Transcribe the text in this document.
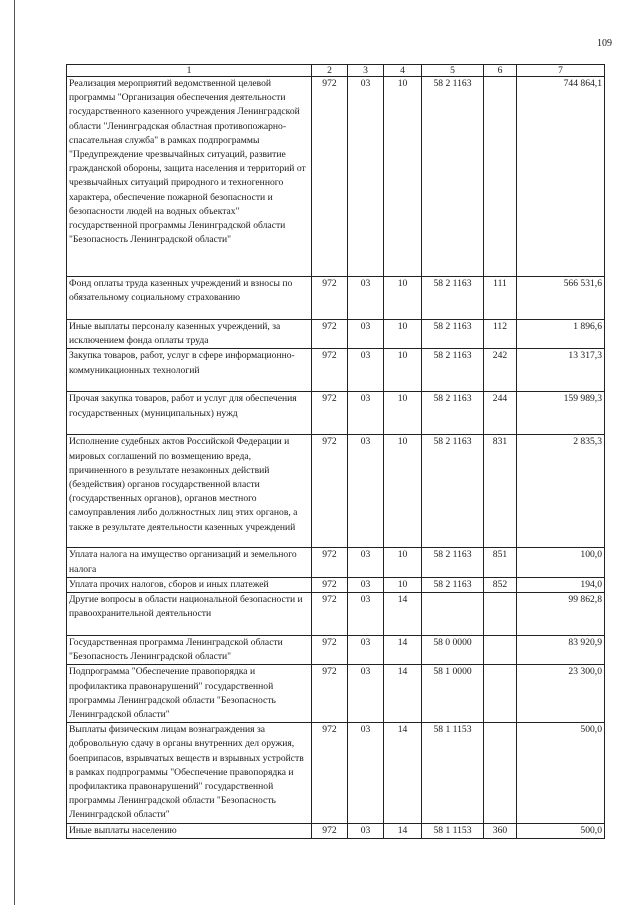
109
1	2	3	4	5	6	7
Реализация мероприятий ведомственной целевой программы "Организация обеспечения деятельности государственного казенного учреждения Ленинградской области "Ленинградская областная противопожарно-спасательная служба" в рамках подпрограммы "Предупреждение чрезвычайных ситуаций, развитие гражданской обороны, защита населения и территорий от чрезвычайных ситуаций природного и техногенного характера, обеспечение пожарной безопасности и безопасности людей на водных объектах" государственной программы Ленинградской области "Безопасность Ленинградской области"	972	03	10	58 2 1163		744 864,1
Фонд оплаты труда казенных учреждений и взносы по обязательному социальному страхованию	972	03	10	58 2 1163	111	566 531,6
Иные выплаты персоналу казенных учреждений, за исключением фонда оплаты труда	972	03	10	58 2 1163	112	1 896,6
Закупка товаров, работ, услуг в сфере информационно-коммуникационных технологий	972	03	10	58 2 1163	242	13 317,3
Прочая закупка товаров, работ и услуг для обеспечения государственных (муниципальных) нужд	972	03	10	58 2 1163	244	159 989,3
Исполнение судебных актов Российской Федерации и мировых соглашений по возмещению вреда, причиненного в результате незаконных действий (бездействия) органов государственной власти (государственных органов), органов местного самоуправления либо должностных лиц этих органов, а также в результате деятельности казенных учреждений	972	03	10	58 2 1163	831	2 835,3
Уплата налога на имущество организаций и земельного налога	972	03	10	58 2 1163	851	100,0
Уплата прочих налогов, сборов и иных платежей	972	03	10	58 2 1163	852	194,0
Другие вопросы в области национальной безопасности и правоохранительной деятельности	972	03	14			99 862,8
Государственная программа Ленинградской области "Безопасность Ленинградской области"	972	03	14	58 0 0000		83 920,9
Подпрограмма "Обеспечение правопорядка и профилактика правонарушений" государственной программы Ленинградской области "Безопасность Ленинградской области"	972	03	14	58 1 0000		23 300,0
Выплаты физическим лицам вознаграждения за добровольную сдачу в органы внутренних дел оружия, боеприпасов, взрывчатых веществ и взрывных устройств в рамках подпрограммы "Обеспечение правопорядка и профилактика правонарушений" государственной программы Ленинградской области "Безопасность Ленинградской области"	972	03	14	58 1 1153		500,0
Иные выплаты населению	972	03	14	58 1 1153	360	500,0
